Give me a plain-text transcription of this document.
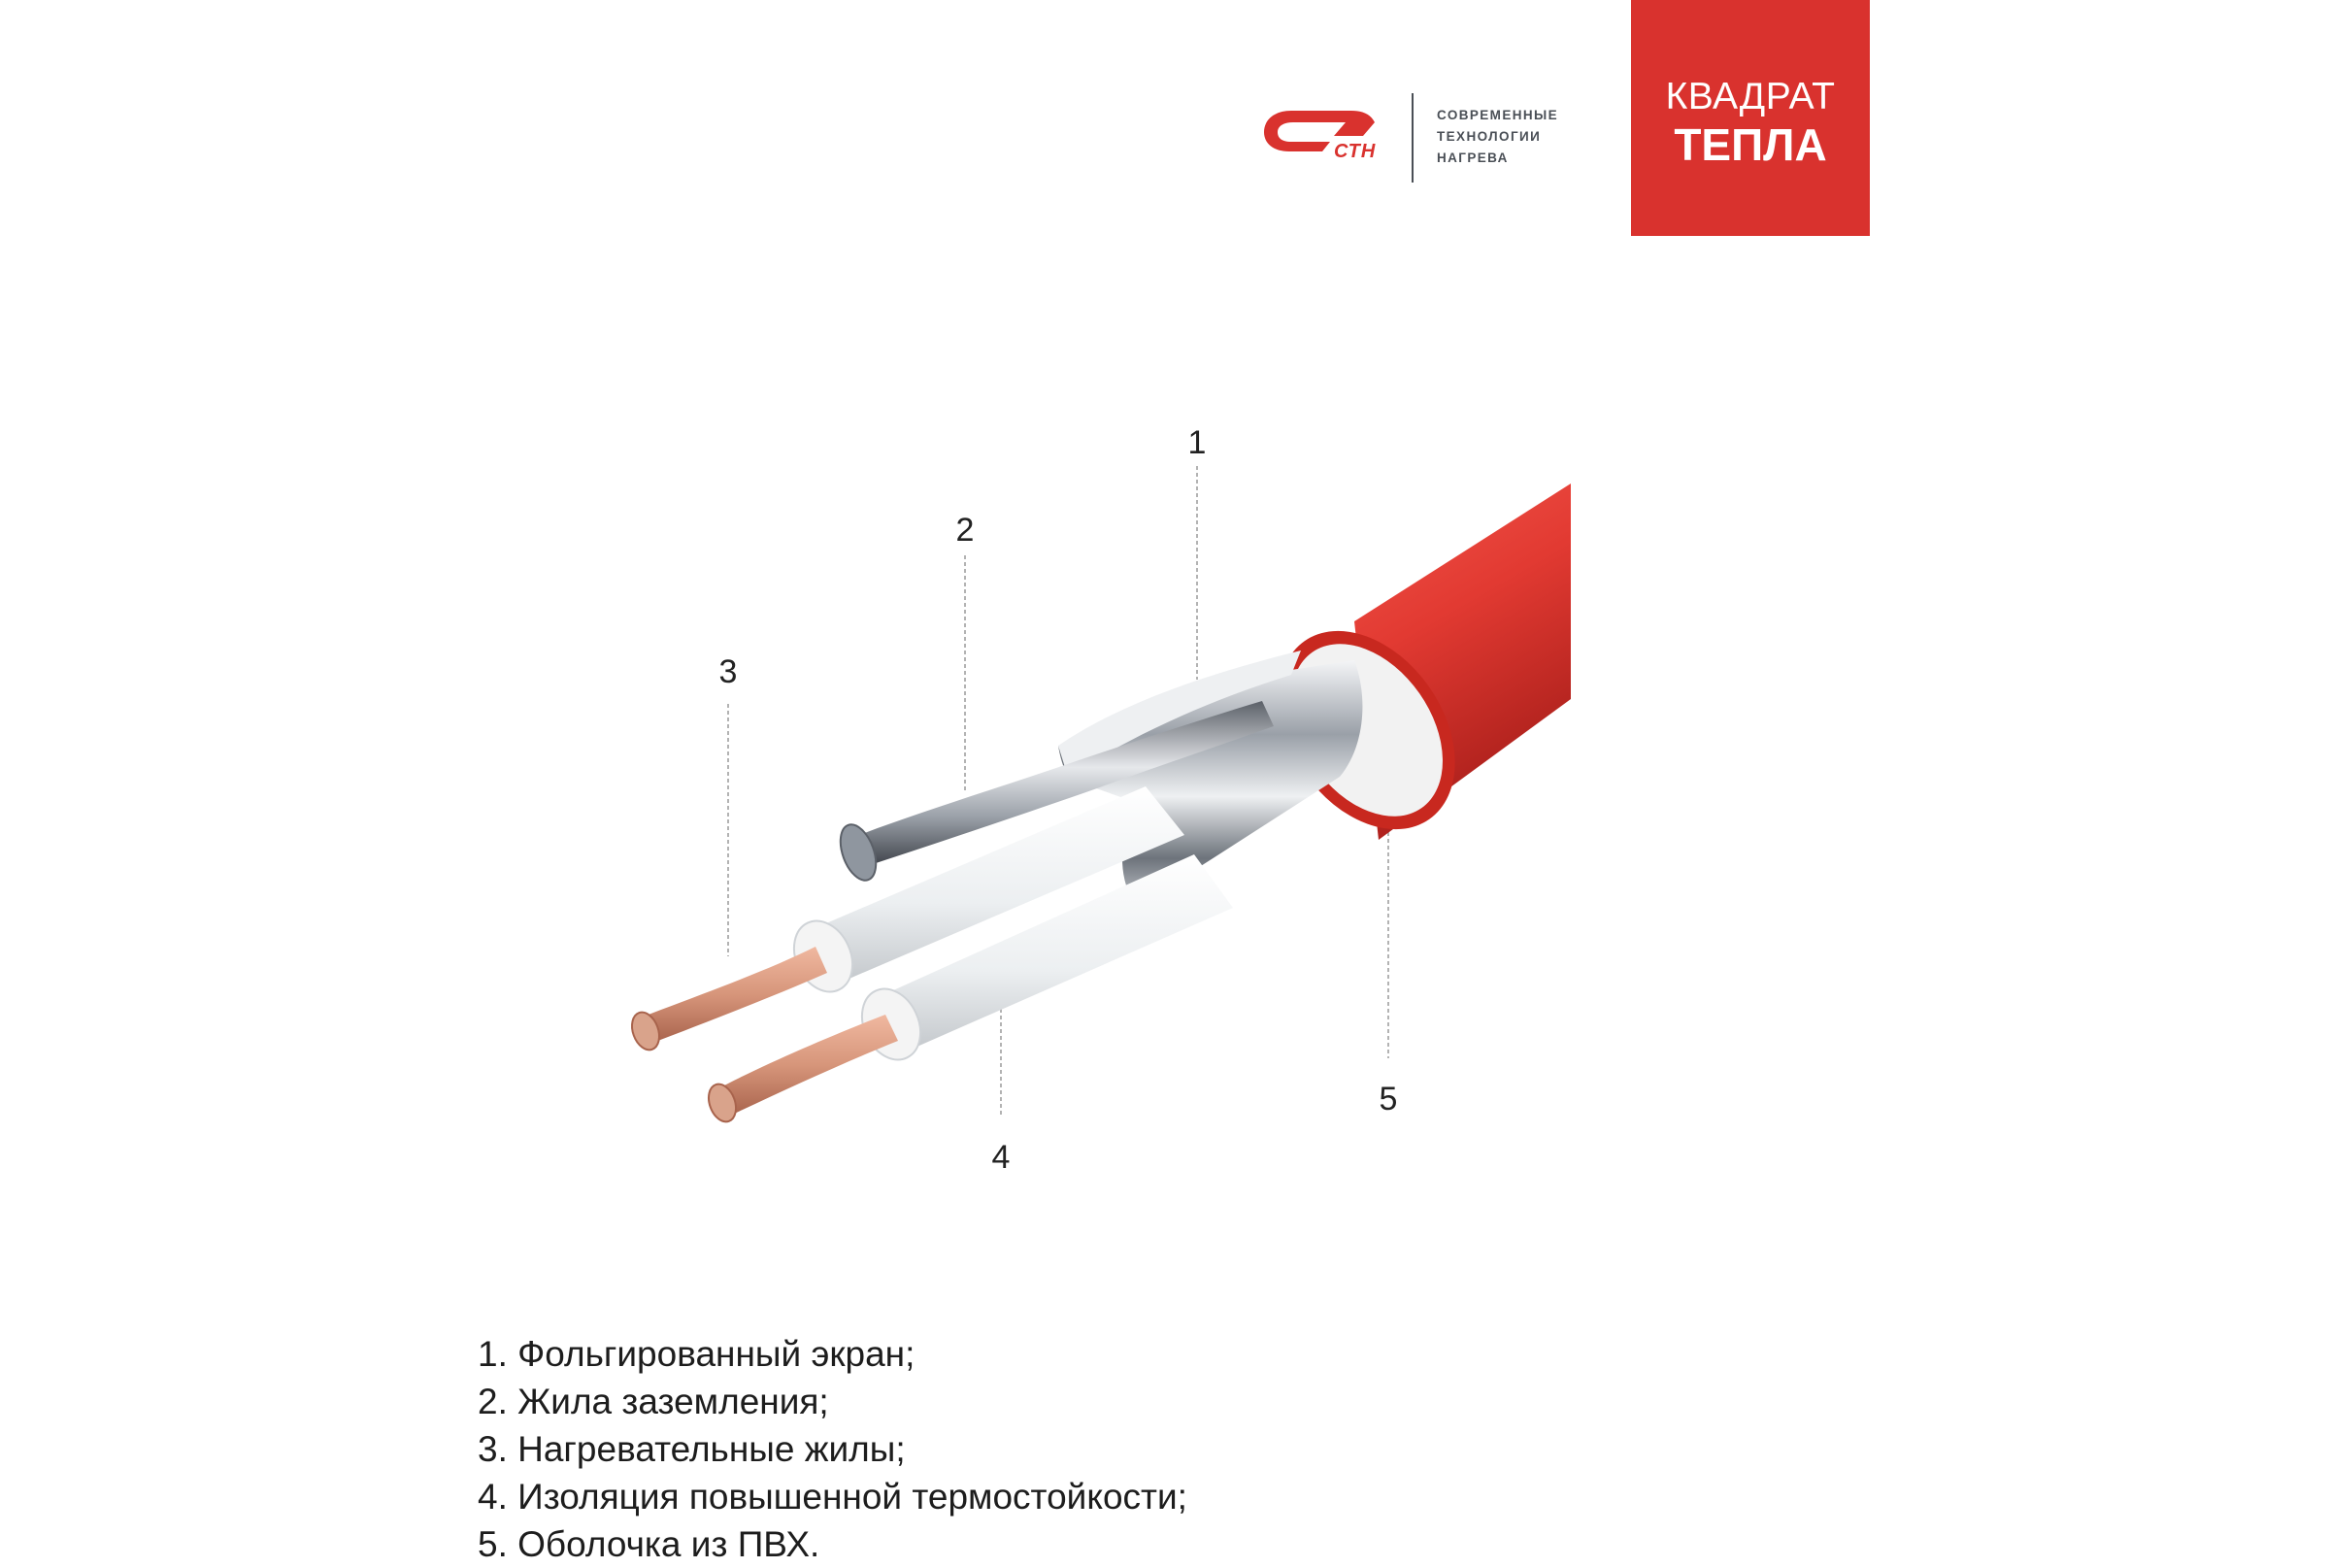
СТН
СОВРЕМЕННЫЕ
ТЕХНОЛОГИИ
НАГРЕВА
КВАДРАТ
ТЕПЛА
1
2
3
4
5
1. Фольгированный экран;
2. Жила заземления;
3. Нагревательные жилы;
4. Изоляция повышенной термостойкости;
5. Оболочка из ПВХ.
